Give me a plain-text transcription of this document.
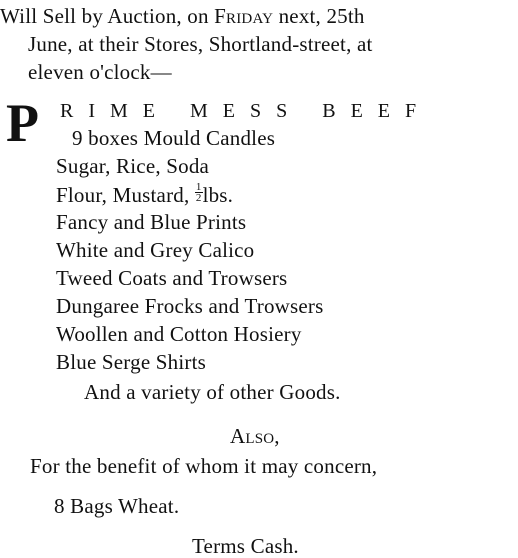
Will Sell by Auction, on Friday next, 25th
June, at their Stores, Shortland-street, at
eleven o'clock—
P RIME MESS BEEF
9 boxes Mould Candles
Sugar, Rice, Soda
Flour, Mustard, $\frac{1}{2}$ lbs.
Fancy and Blue Prints
White and Grey Calico
Tweed Coats and Trowsers
Dungaree Frocks and Trowsers
Woollen and Cotton Hosiery
Blue Serge Shirts
And a variety of other Goods.
Also,
For the benefit of whom it may concern,
8 Bags Wheat.
Terms Cash.
